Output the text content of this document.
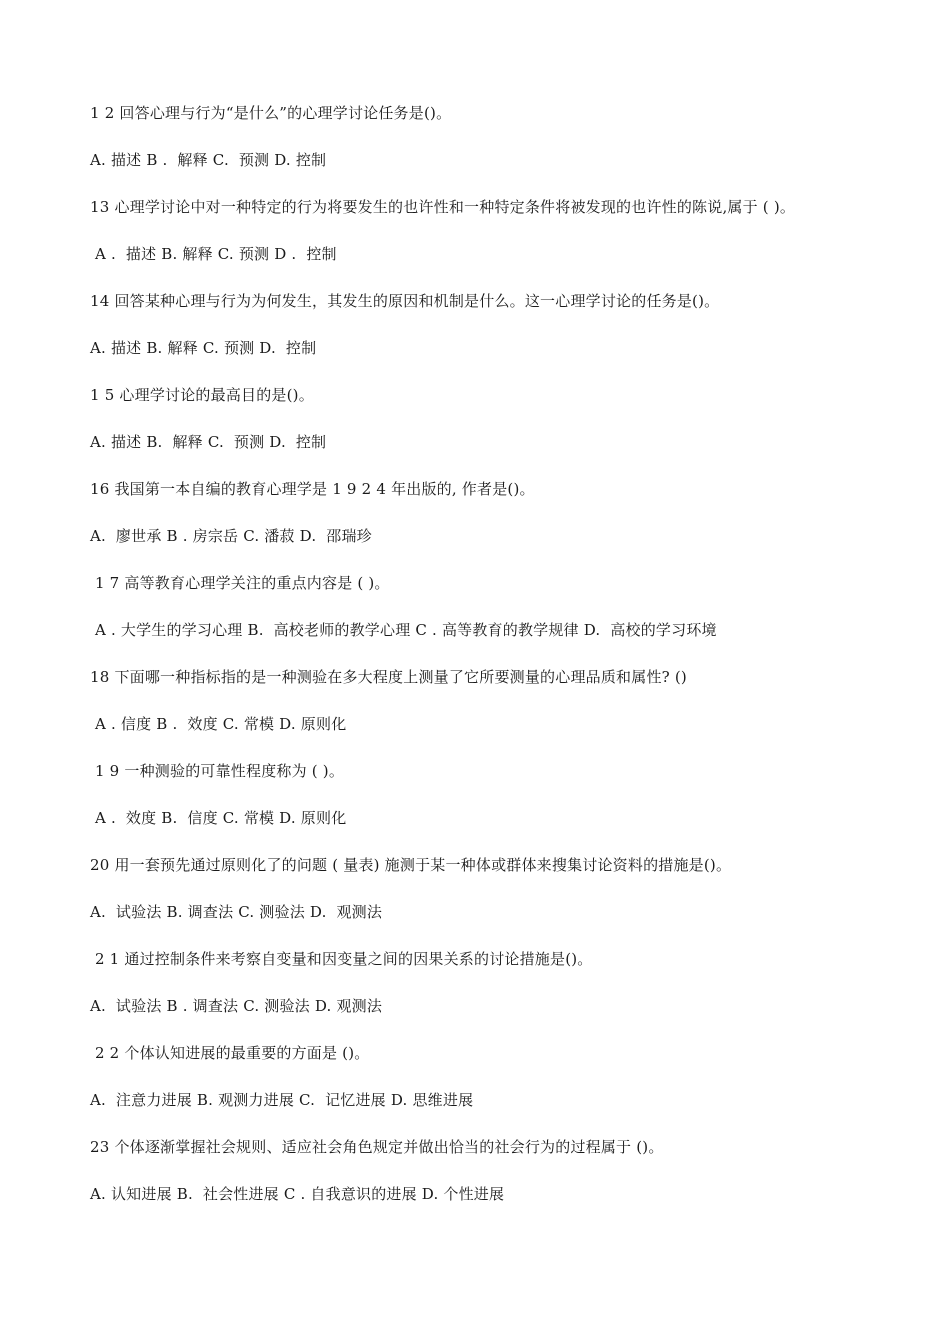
1 2 回答心理与行为“是什么”的心理学讨论任务是()。
A. 描述 B .  解释 C.  预测 D. 控制
13 心理学讨论中对一种特定的行为将要发生的也许性和一种特定条件将被发现的也许性的陈说,属于 ( )。
A .  描述 B. 解释 C. 预测 D .  控制
14 回答某种心理与行为为何发生，其发生的原因和机制是什么。这一心理学讨论的任务是()。
A. 描述 B. 解释 C. 预测 D.  控制
1 5 心理学讨论的最高目的是()。
A. 描述 B.  解释 C.  预测 D.  控制
16 我国第一本自编的教育心理学是 1 9 2 4 年出版的, 作者是()。
A.  廖世承 B . 房宗岳 C. 潘菽 D.  邵瑞珍
1 7 高等教育心理学关注的重点内容是 ( )。
A . 大学生的学习心理 B.  高校老师的教学心理 C . 高等教育的教学规律 D.  高校的学习环境
18 下面哪一种指标指的是一种测验在多大程度上测量了它所要测量的心理品质和属性? ()
A . 信度 B .  效度 C. 常模 D. 原则化
1 9 一种测验的可靠性程度称为 ( )。
A .  效度 B.  信度 C. 常模 D. 原则化
20 用一套预先通过原则化了的问题 ( 量表) 施测于某一种体或群体来搜集讨论资料的措施是()。
A.  试验法 B. 调查法 C. 测验法 D.  观测法
2 1 通过控制条件来考察自变量和因变量之间的因果关系的讨论措施是()。
A.  试验法 B . 调查法 C. 测验法 D. 观测法
2 2 个体认知进展的最重要的方面是 ()。
A.  注意力进展 B. 观测力进展 C.  记忆进展 D. 思维进展
23 个体逐渐掌握社会规则、适应社会角色规定并做出恰当的社会行为的过程属于 ()。
A. 认知进展 B.  社会性进展 C . 自我意识的进展 D. 个性进展
